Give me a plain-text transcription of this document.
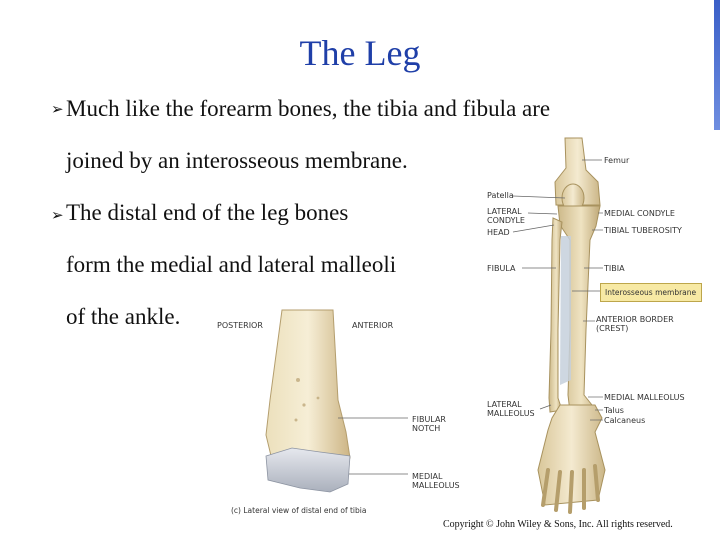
The Leg
➢ Much like the forearm bones, the tibia and fibula are
joined by an interosseous membrane.
➢ The distal end of the leg bones
form the medial and lateral malleoli
of the ankle.
Femur
Patella
LATERAL
CONDYLE
HEAD
MEDIAL CONDYLE
TIBIAL TUBEROSITY
FIBULA	TIBIA
Interosseous membrane
ANTERIOR BORDER
(CREST)
LATERAL
MALLEOLUS
MEDIAL MALLEOLUS
Talus
Calcaneus
POSTERIOR	ANTERIOR
FIBULAR
NOTCH
MEDIAL
MALLEOLUS
(c) Lateral view of distal end of tibia
Copyright © John Wiley & Sons, Inc. All rights reserved.
